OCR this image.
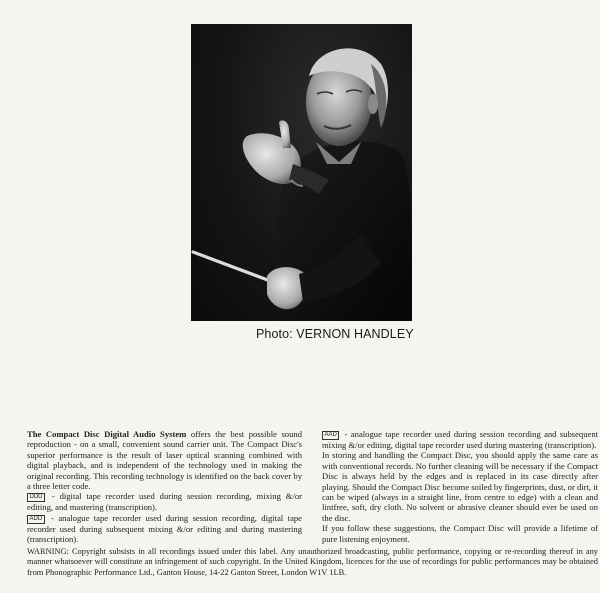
Photo: VERNON HANDLEY

The Compact Disc Digital Audio System offers the best possible sound reproduction - on a small, convenient sound carrier unit. The Compact Disc's superior performance is the result of laser optical scanning combined with digital playback, and is independent of the technology used in making the original recording. This recording technology is identified on the back cover by a three letter code.

DDD - digital tape recorder used during session recording, mixing &/or editing, and mastering (transcription).

ADD - analogue tape recorder used during session recording, digital tape recorder used during subsequent mixing &/or editing and during mastering (transcription).

AAD - analogue tape recorder used during session recording and subsequent mixing &/or editing, digital tape recorder used during mastering (transcription).

In storing and handling the Compact Disc, you should apply the same care as with conventional records. No further cleaning will be necessary if the Compact Disc is always held by the edges and is replaced in its case directly after playing. Should the Compact Disc become soiled by fingerprints, dust, or dirt, it can be wiped (always in a straight line, from centre to edge) with a clean and lintfree, soft, dry cloth. No solvent or abrasive cleaner should ever be used on the disc.

If you follow these suggestions, the Compact Disc will provide a lifetime of pure listening enjoyment.

WARNING: Copyright subsists in all recordings issued under this label. Any unauthorized broadcasting, public performance, copying or re-recording thereof in any manner whatsoever will constitute an infringement of such copyright. In the United Kingdom, licences for the use of recordings for public performances may be obtained from Phonographic Performance Ltd., Ganton House, 14-22 Ganton Street, London W1V 1LB.
